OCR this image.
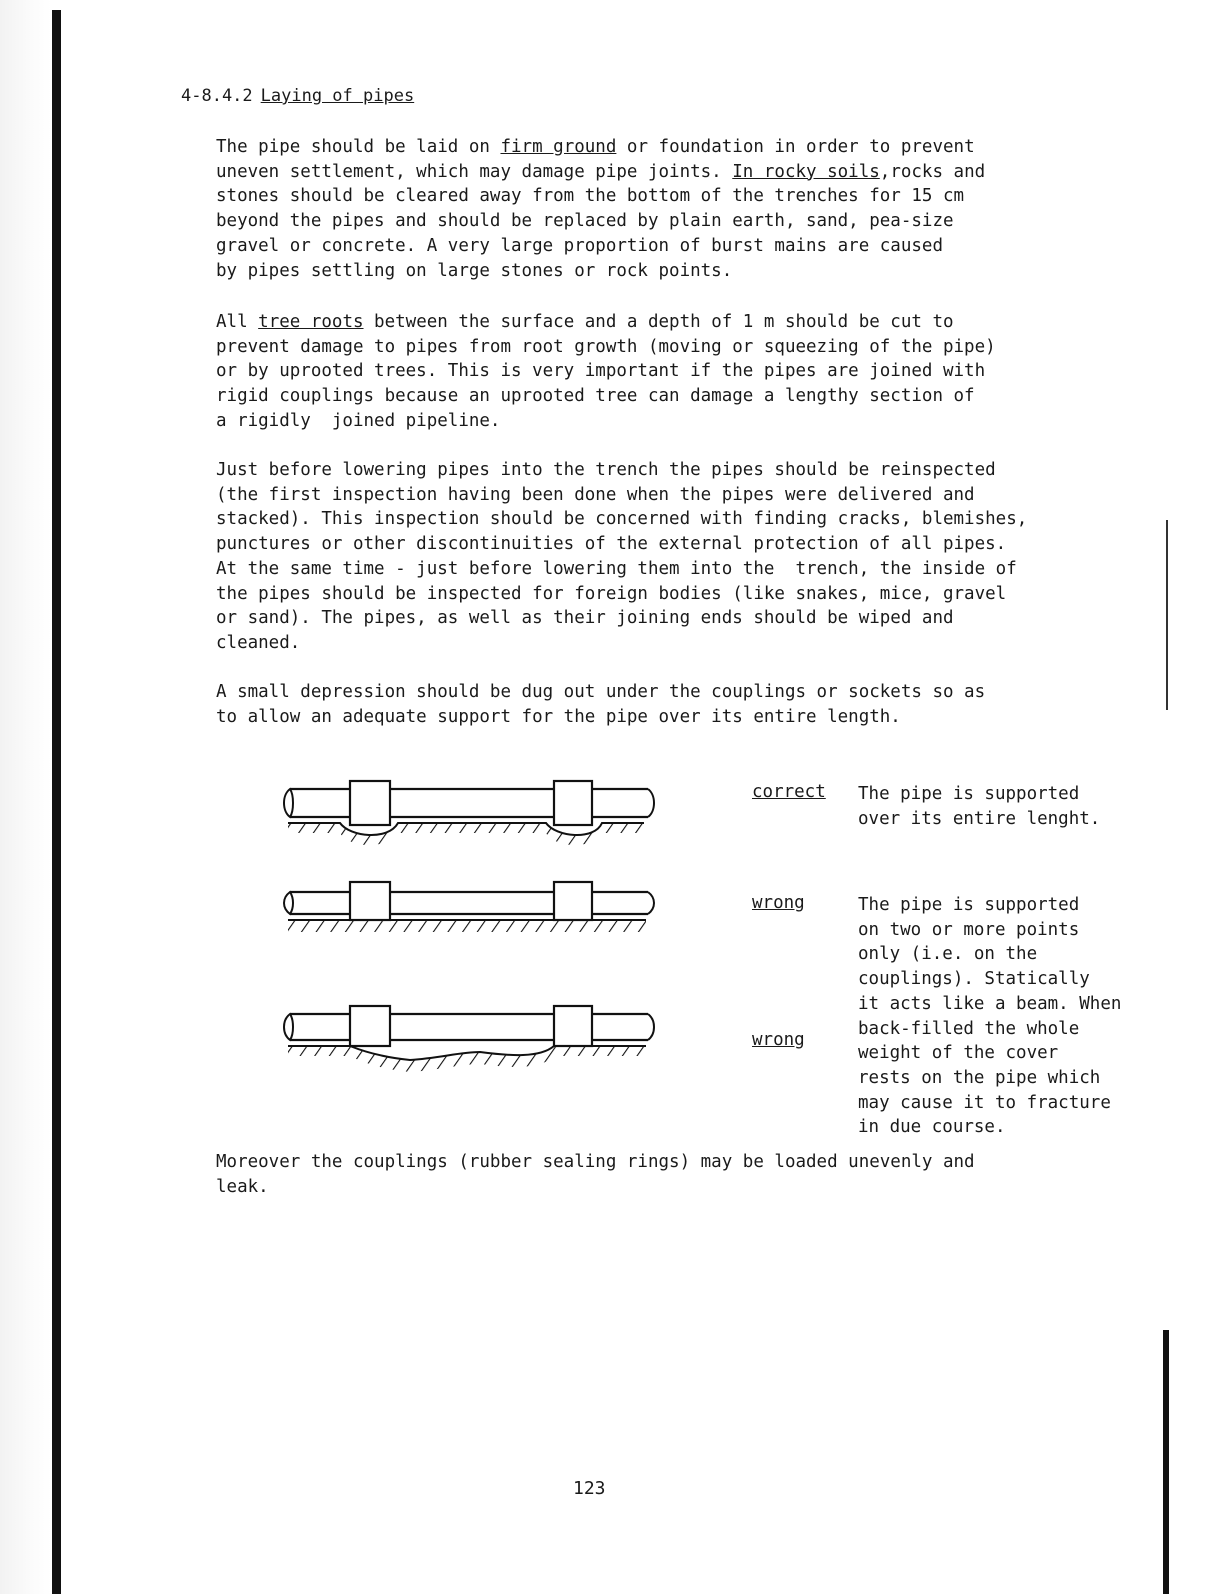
4-8.4.2 Laying of pipes

The pipe should be laid on firm ground or foundation in order to prevent

uneven settlement, which may damage pipe joints. In rocky soils,rocks and

stones should be cleared away from the bottom of the trenches for 15 cm

beyond the pipes and should be replaced by plain earth, sand, pea-size

gravel or concrete. A very large proportion of burst mains are caused

by pipes settling on large stones or rock points.

All tree roots between the surface and a depth of 1 m should be cut to

prevent damage to pipes from root growth (moving or squeezing of the pipe)

or by uprooted trees. This is very important if the pipes are joined with

rigid couplings because an uprooted tree can damage a lengthy section of

a rigidly  joined pipeline.

Just before lowering pipes into the trench the pipes should be reinspected

(the first inspection having been done when the pipes were delivered and

stacked). This inspection should be concerned with finding cracks, blemishes,

punctures or other discontinuities of the external protection of all pipes.

At the same time - just before lowering them into the  trench, the inside of

the pipes should be inspected for foreign bodies (like snakes, mice, gravel

or sand). The pipes, as well as their joining ends should be wiped and

cleaned.

A small depression should be dug out under the couplings or sockets so as

to allow an adequate support for the pipe over its entire length.

correct The pipe is supported
over its entire lenght.
wrong	The pipe is supported
on two or more points
only (i.e. on the
couplings). Statically
it acts like a beam. When
back-filled the whole
weight of the cover
rests on the pipe which
may cause it to fracture
in due course.
wrong

Moreover the couplings (rubber sealing rings) may be loaded unevenly and

leak.

123
